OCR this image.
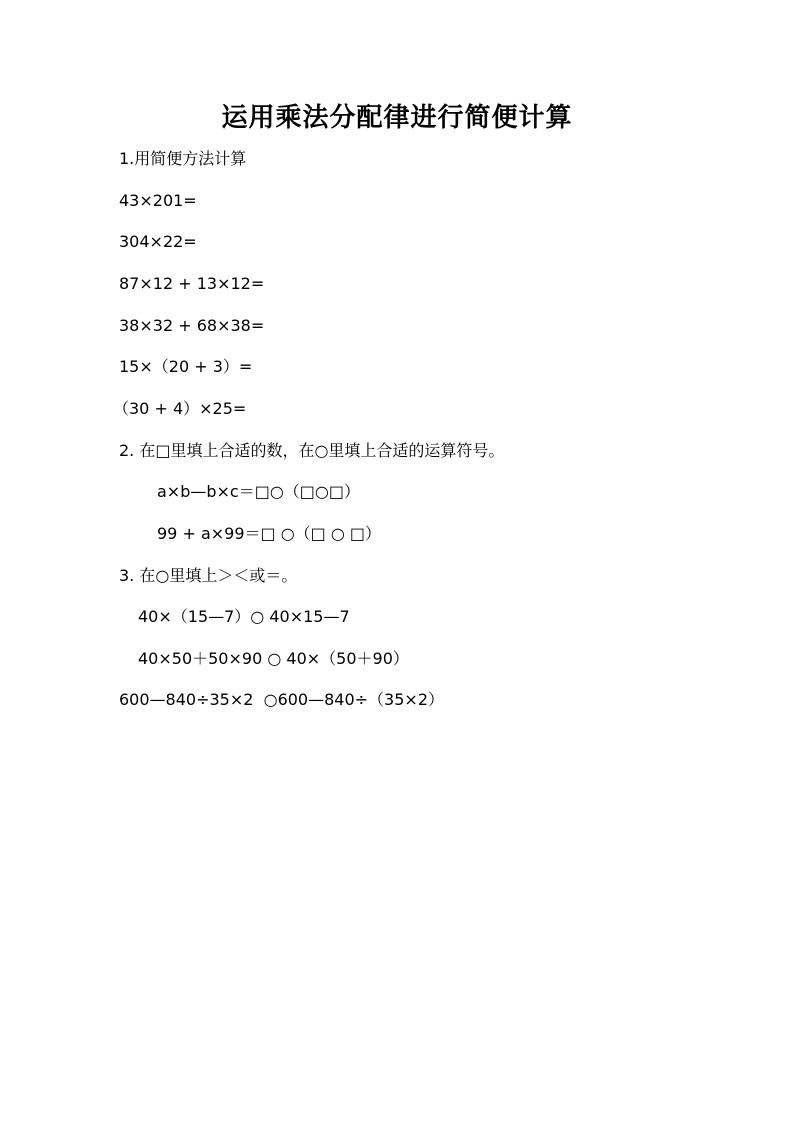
运用乘法分配律进行简便计算
1.用简便方法计算
43×201=
304×22=
87×12 + 13×12=
38×32 + 68×38=
15×（20 + 3）=
（30 + 4）×25=
2. 在□里填上合适的数，在○里填上合适的运算符号。
a×b—b×c＝□○（□○□）
99 + a×99＝□ ○（□ ○ □）
3. 在○里填上＞＜或＝。
40×（15—7）○ 40×15—7
40×50＋50×90 ○ 40×（50＋90）
600—840÷35×2  ○600—840÷（35×2）
